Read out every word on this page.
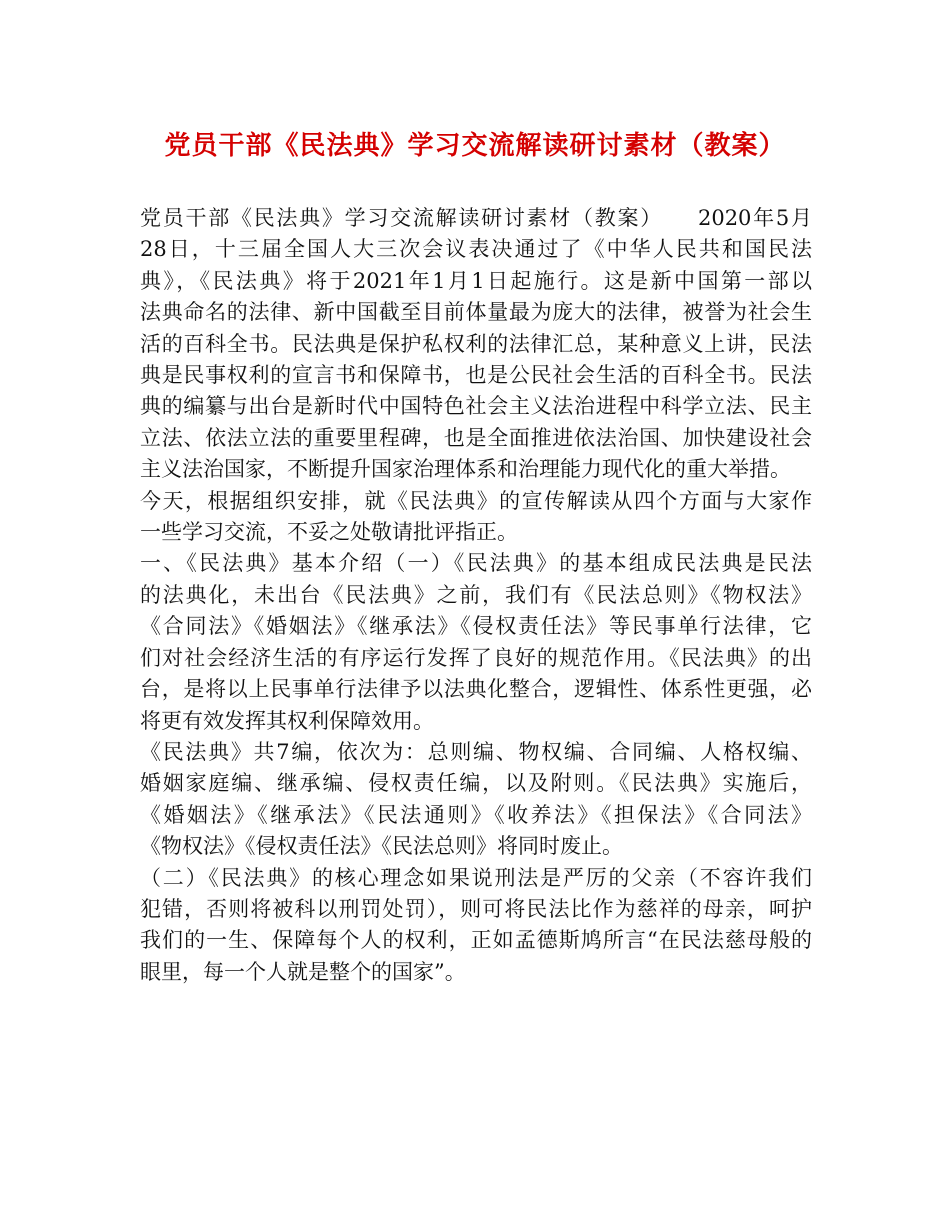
党员干部《民法典》学习交流解读研讨素材（教案）

党员干部《民法典》学习交流解读研讨素材（教案）　　2020年5月
28日，十三届全国人大三次会议表决通过了《中华人民共和国民法
典》，《民法典》将于2021年1月1日起施行。这是新中国第一部以
法典命名的法律、新中国截至目前体量最为庞大的法律，被誉为社会生
活的百科全书。民法典是保护私权利的法律汇总，某种意义上讲，民法
典是民事权利的宣言书和保障书，也是公民社会生活的百科全书。民法
典的编纂与出台是新时代中国特色社会主义法治进程中科学立法、民主
立法、依法立法的重要里程碑，也是全面推进依法治国、加快建设社会
主义法治国家，不断提升国家治理体系和治理能力现代化的重大举措。

今天，根据组织安排，就《民法典》的宣传解读从四个方面与大家作
一些学习交流，不妥之处敬请批评指正。

一、《民法典》基本介绍（一）《民法典》的基本组成民法典是民法
的法典化，未出台《民法典》之前，我们有《民法总则》《物权法》
《合同法》《婚姻法》《继承法》《侵权责任法》等民事单行法律，它
们对社会经济生活的有序运行发挥了良好的规范作用。《民法典》的出
台，是将以上民事单行法律予以法典化整合，逻辑性、体系性更强，必
将更有效发挥其权利保障效用。

《民法典》共7编，依次为：总则编、物权编、合同编、人格权编、
婚姻家庭编、继承编、侵权责任编，以及附则。《民法典》实施后，
《婚姻法》《继承法》《民法通则》《收养法》《担保法》《合同法》
《物权法》《侵权责任法》《民法总则》将同时废止。

（二）《民法典》的核心理念如果说刑法是严厉的父亲（不容许我们
犯错，否则将被科以刑罚处罚），则可将民法比作为慈祥的母亲，呵护
我们的一生、保障每个人的权利，正如孟德斯鸠所言“在民法慈母般的
眼里，每一个人就是整个的国家”。
